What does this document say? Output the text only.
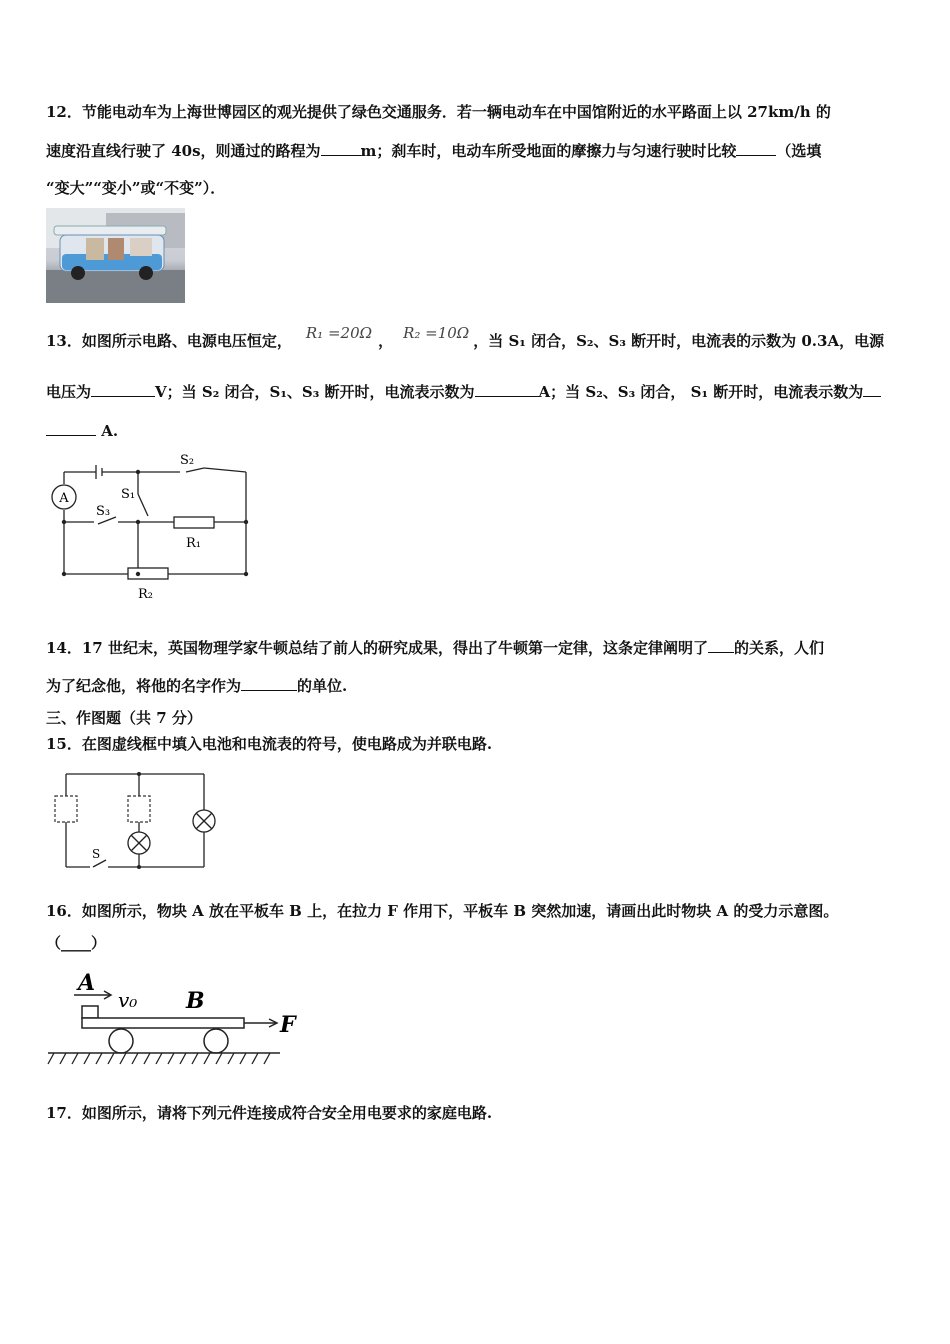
12．节能电动车为上海世博园区的观光提供了绿色交通服务．若一辆电动车在中国馆附近的水平路面上以 27km/h 的
速度沿直线行驶了 40s，则通过的路程为	m；刹车时，电动车所受地面的摩擦力与匀速行驶时比较	（选填
“变大”“变小”或“不变”）．
13．如图所示电路、电源电压恒定， R₁ =20Ω ， R₂ =10Ω ，当 S₁ 闭合，S₂、S₃ 断开时，电流表的示数为 0.3A，电源
电压为	V；当 S₂ 闭合，S₁、S₃ 断开时，电流表示数为	A；当 S₂、S₃ 闭合， S₁ 断开时，电流表示数为
A.
A
S₂
S₁
S₃
R₁
R₂
14．17 世纪末，英国物理学家牛顿总结了前人的研究成果，得出了牛顿第一定律，这条定律阐明了 的关系，人们
为了纪念他，将他的名字作为	的单位.
三、作图题（共 7 分）
15．在图虚线框中填入电池和电流表的符号，使电路成为并联电路.
S
16．如图所示，物块 A 放在平板车 B 上，在拉力 F 作用下，平板车 B 突然加速，请画出此时物块 A 的受力示意图。
（____）
A
v₀ B
F
17．如图所示，请将下列元件连接成符合安全用电要求的家庭电路.
